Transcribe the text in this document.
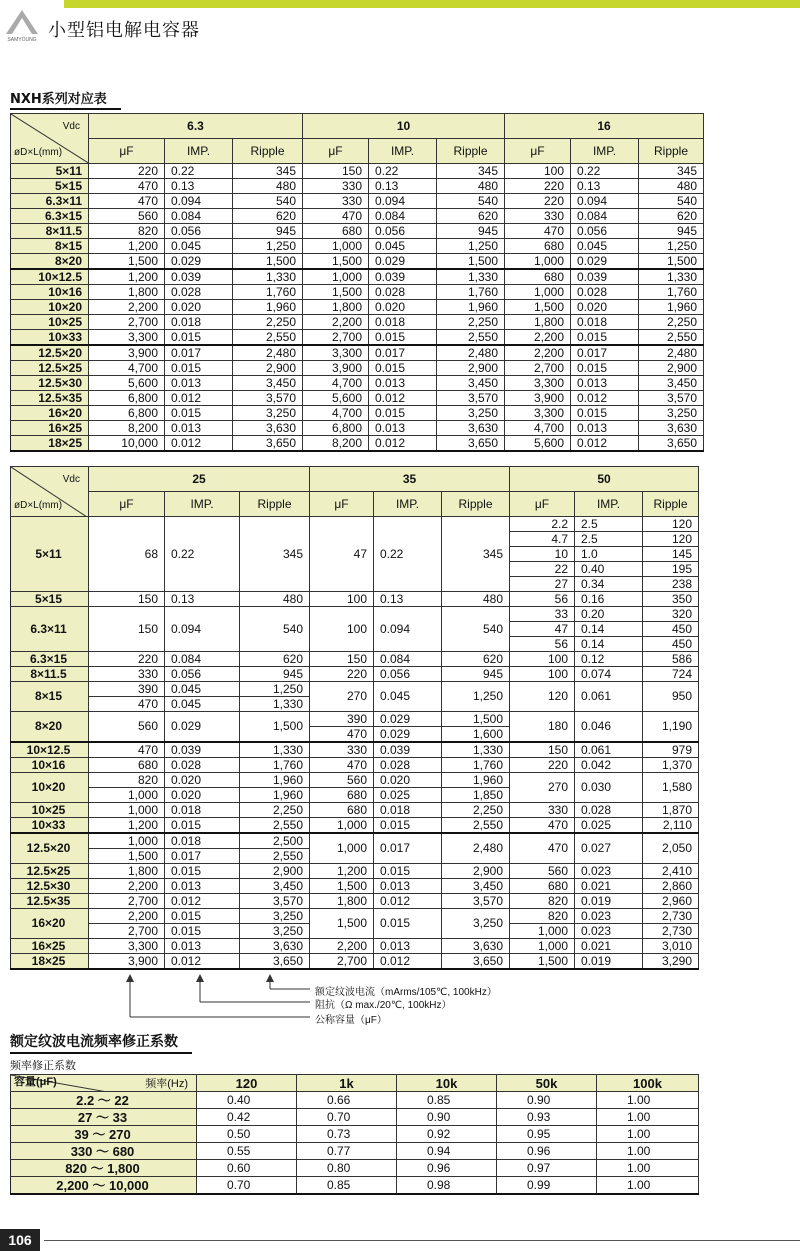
SAMYOUNG 小型铝电解电容器
NXH系列对应表
Vdc
øD×L(mm)	6.3			10			16		
	μF	IMP.	Ripple	μF	IMP.	Ripple	μF	IMP.	Ripple
5×11	220	0.22	345	150	0.22	345	100	0.22	345
5×15	470	0.13	480	330	0.13	480	220	0.13	480
6.3×11	470	0.094	540	330	0.094	540	220	0.094	540
6.3×15	560	0.084	620	470	0.084	620	330	0.084	620
8×11.5	820	0.056	945	680	0.056	945	470	0.056	945
8×15	1,200	0.045	1,250	1,000	0.045	1,250	680	0.045	1,250
8×20	1,500	0.029	1,500	1,500	0.029	1,500	1,000	0.029	1,500
10×12.5	1,200	0.039	1,330	1,000	0.039	1,330	680	0.039	1,330
10×16	1,800	0.028	1,760	1,500	0.028	1,760	1,000	0.028	1,760
10×20	2,200	0.020	1,960	1,800	0.020	1,960	1,500	0.020	1,960
10×25	2,700	0.018	2,250	2,200	0.018	2,250	1,800	0.018	2,250
10×33	3,300	0.015	2,550	2,700	0.015	2,550	2,200	0.015	2,550
12.5×20	3,900	0.017	2,480	3,300	0.017	2,480	2,200	0.017	2,480
12.5×25	4,700	0.015	2,900	3,900	0.015	2,900	2,700	0.015	2,900
12.5×30	5,600	0.013	3,450	4,700	0.013	3,450	3,300	0.013	3,450
12.5×35	6,800	0.012	3,570	5,600	0.012	3,570	3,900	0.012	3,570
16×20	6,800	0.015	3,250	4,700	0.015	3,250	3,300	0.015	3,250
16×25	8,200	0.013	3,630	6,800	0.013	3,630	4,700	0.013	3,630
18×25	10,000	0.012	3,650	8,200	0.012	3,650	5,600	0.012	3,650
Vdc
øD×L(mm)	25			35			50		
	μF	IMP.	Ripple	μF	IMP.	Ripple	μF	IMP.	Ripple
5×11	68	0.22	345	47	0.22	345	2.2	2.5	120
							4.7	2.5	120
							10	1.0	145
							22	0.40	195
							27	0.34	238
5×15	150	0.13	480	100	0.13	480	56	0.16	350
6.3×11	150	0.094	540	100	0.094	540	33	0.20	320
							47	0.14	450
							56	0.14	450
6.3×15	220	0.084	620	150	0.084	620	100	0.12	586
8×11.5	330	0.056	945	220	0.056	945	100	0.074	724
8×15	390	0.045	1,250	270	0.045	1,250	120	0.061	950
	470	0.045	1,330						
8×20	560	0.029	1,500	390	0.029	1,500	180	0.046	1,190
				470	0.029	1,600			
10×12.5	470	0.039	1,330	330	0.039	1,330	150	0.061	979
10×16	680	0.028	1,760	470	0.028	1,760	220	0.042	1,370
10×20	820	0.020	1,960	560	0.020	1,960	270	0.030	1,580
	1,000	0.020	1,960	680	0.025	1,850			
10×25	1,000	0.018	2,250	680	0.018	2,250	330	0.028	1,870
10×33	1,200	0.015	2,550	1,000	0.015	2,550	470	0.025	2,110
12.5×20	1,000	0.018	2,500	1,000	0.017	2,480	470	0.027	2,050
	1,500	0.017	2,550						
12.5×25	1,800	0.015	2,900	1,200	0.015	2,900	560	0.023	2,410
12.5×30	2,200	0.013	3,450	1,500	0.013	3,450	680	0.021	2,860
12.5×35	2,700	0.012	3,570	1,800	0.012	3,570	820	0.019	2,960
16×20	2,200	0.015	3,250	1,500	0.015	3,250	820	0.023	2,730
	2,700	0.015	3,250				1,000	0.023	2,730
16×25	3,300	0.013	3,630	2,200	0.013	3,630	1,000	0.021	3,010
18×25	3,900	0.012	3,650	2,700	0.012	3,650	1,500	0.019	3,290
额定纹波电流（mArms/105℃, 100kHz）
阻抗（Ω max./20℃, 100kHz）
公称容量（μF）
额定纹波电流频率修正系数
频率修正系数
频率(Hz)
容量(μF)	120	1k	10k	50k	100k
2.2 ～ 22	0.40	0.66	0.85	0.90	1.00
27 ～ 33	0.42	0.70	0.90	0.93	1.00
39 ～ 270	0.50	0.73	0.92	0.95	1.00
330 ～ 680	0.55	0.77	0.94	0.96	1.00
820 ～ 1,800	0.60	0.80	0.96	0.97	1.00
2,200 ～ 10,000	0.70	0.85	0.98	0.99	1.00
106
